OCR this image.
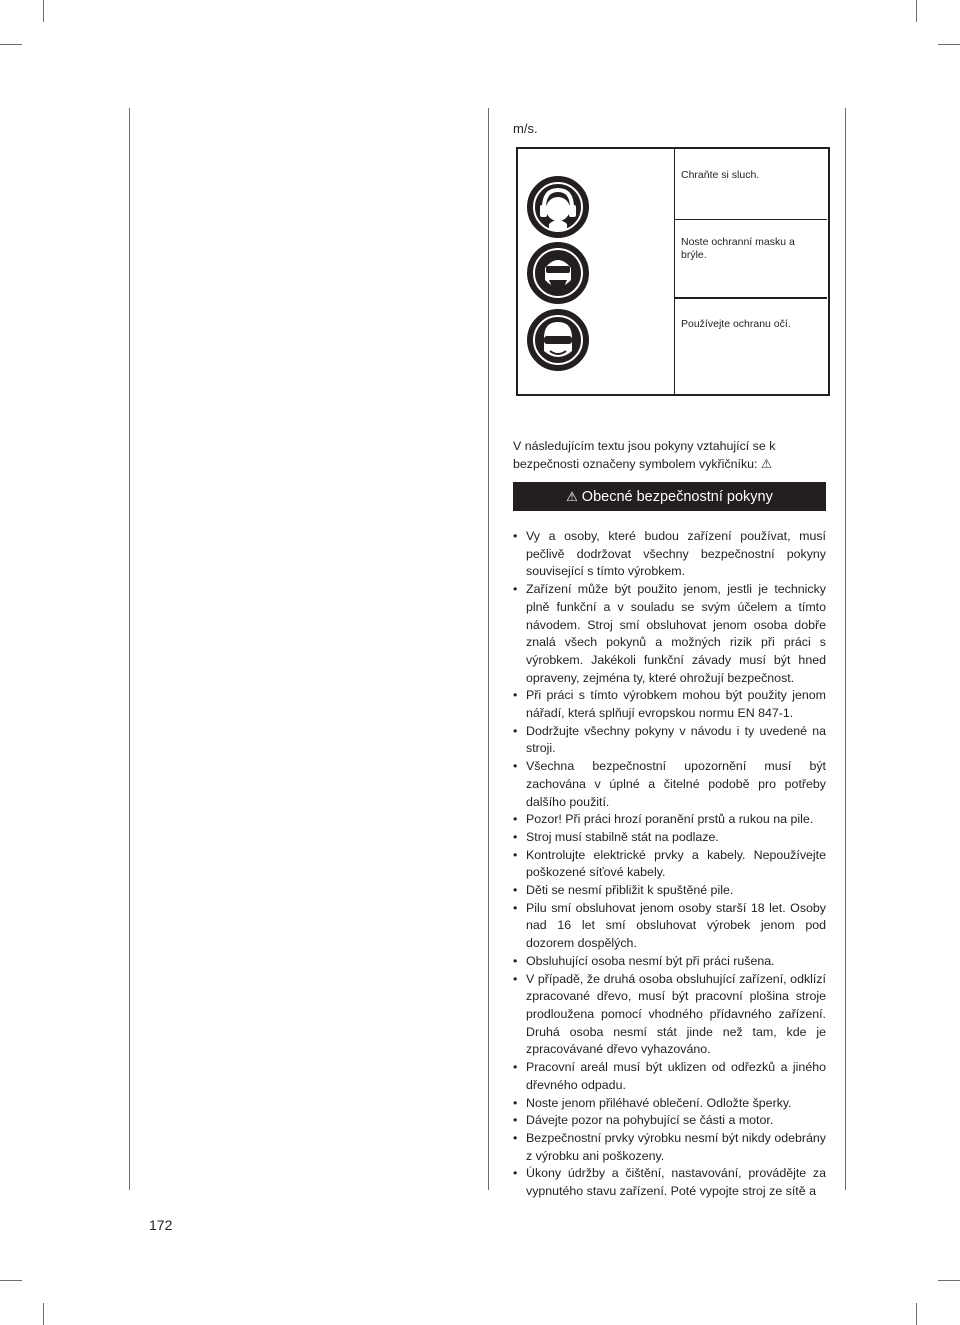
m/s.
Chraňte si sluch.
Noste ochranní masku a
brýle.
Používejte ochranu očí.
V následujícím textu jsou pokyny vztahující se k bezpečnosti označeny symbolem vykřičníku: ⚠
⚠ Obecné bezpečnostní pokyny
• Vy a osoby, které budou zařízení používat, musí pečlivě dodržovat všechny bezpečnostní pokyny související s tímto výrobkem.
• Zařízení může být použito jenom, jestli je technicky plně funkční a v souladu se svým účelem a tímto návodem. Stroj smí obsluhovat jenom osoba dobře znalá všech pokynů a možných rizik při práci s výrobkem. Jakékoli funkční závady musí být hned opraveny, zejména ty, které ohrožují bezpečnost.
• Při práci s tímto výrobkem mohou být použity jenom nářadí, která splňují evropskou normu EN 847-1.
• Dodržujte všechny pokyny v návodu i ty uvedené na stroji.
• Všechna bezpečnostní upozornění musí být zachována v úplné a čitelné podobě pro potřeby dalšího použití.
• Pozor! Při práci hrozí poranění prstů a rukou na pile.
• Stroj musí stabilně stát na podlaze.
• Kontrolujte elektrické prvky a kabely. Nepoužívejte poškozené síťové kabely.
• Děti se nesmí přibližit k spuštěné pile.
• Pilu smí obsluhovat jenom osoby starší 18 let. Osoby nad 16 let smí obsluhovat výrobek jenom pod dozorem dospělých.
• Obsluhující osoba nesmí být při práci rušena.
• V případě, že druhá osoba obsluhující zařízení, odklízí zpracované dřevo, musí být pracovní plošina stroje prodloužena pomocí vhodného přídavného zařízení. Druhá osoba nesmí stát jinde než tam, kde je zpracovávané dřevo vyhazováno.
• Pracovní areál musí být uklizen od odřezků a jiného dřevného odpadu.
• Noste jenom přiléhavé oblečení. Odložte šperky.
• Dávejte pozor na pohybující se části a motor.
• Bezpečnostní prvky výrobku nesmí být nikdy odebrány z výrobku ani poškozeny.
• Úkony údržby a čištění, nastavování, provádějte za vypnutého stavu zařízení. Poté vypojte stroj ze sítě a
172
